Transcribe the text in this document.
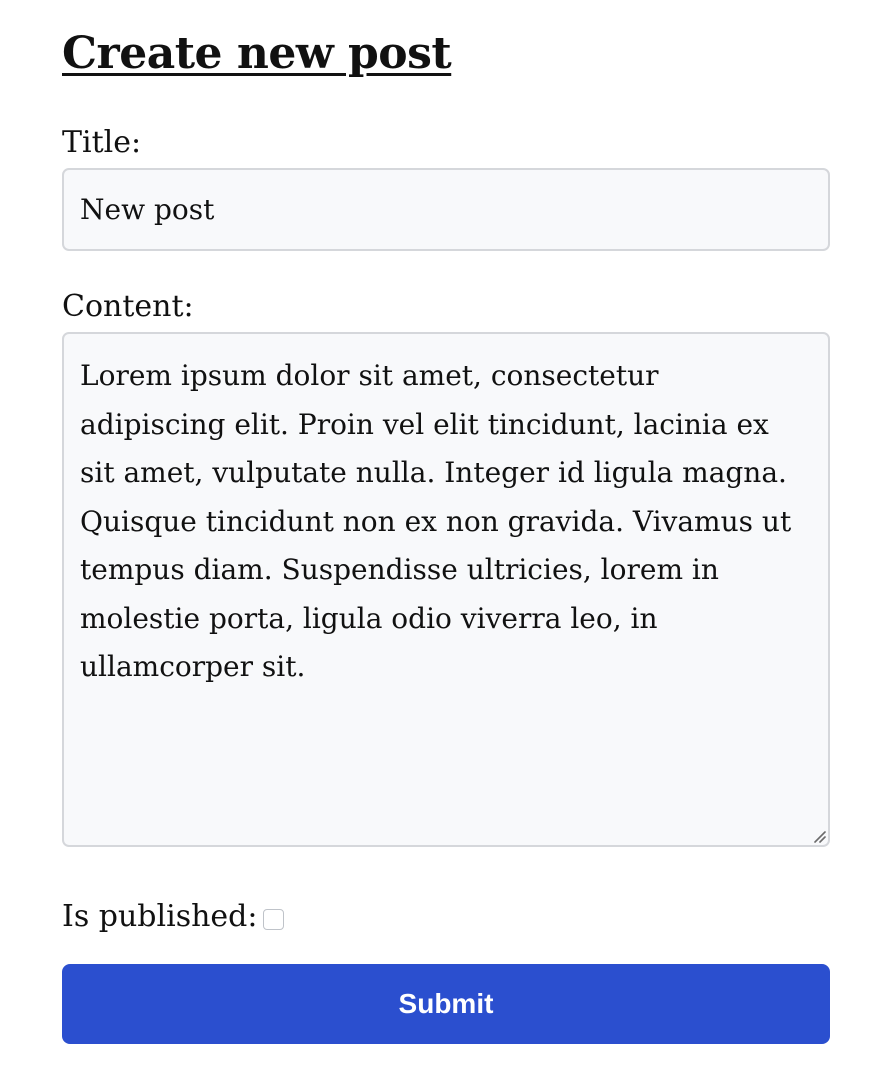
Create new post
Title:
New post
Content:
Lorem ipsum dolor sit amet, consectetur adipiscing elit. Proin vel elit tincidunt, lacinia ex sit amet, vulputate nulla. Integer id ligula magna. Quisque tincidunt non ex non gravida. Vivamus ut tempus diam. Suspendisse ultricies, lorem in molestie porta, ligula odio viverra leo, in ullamcorper sit.
Is published:
Submit
